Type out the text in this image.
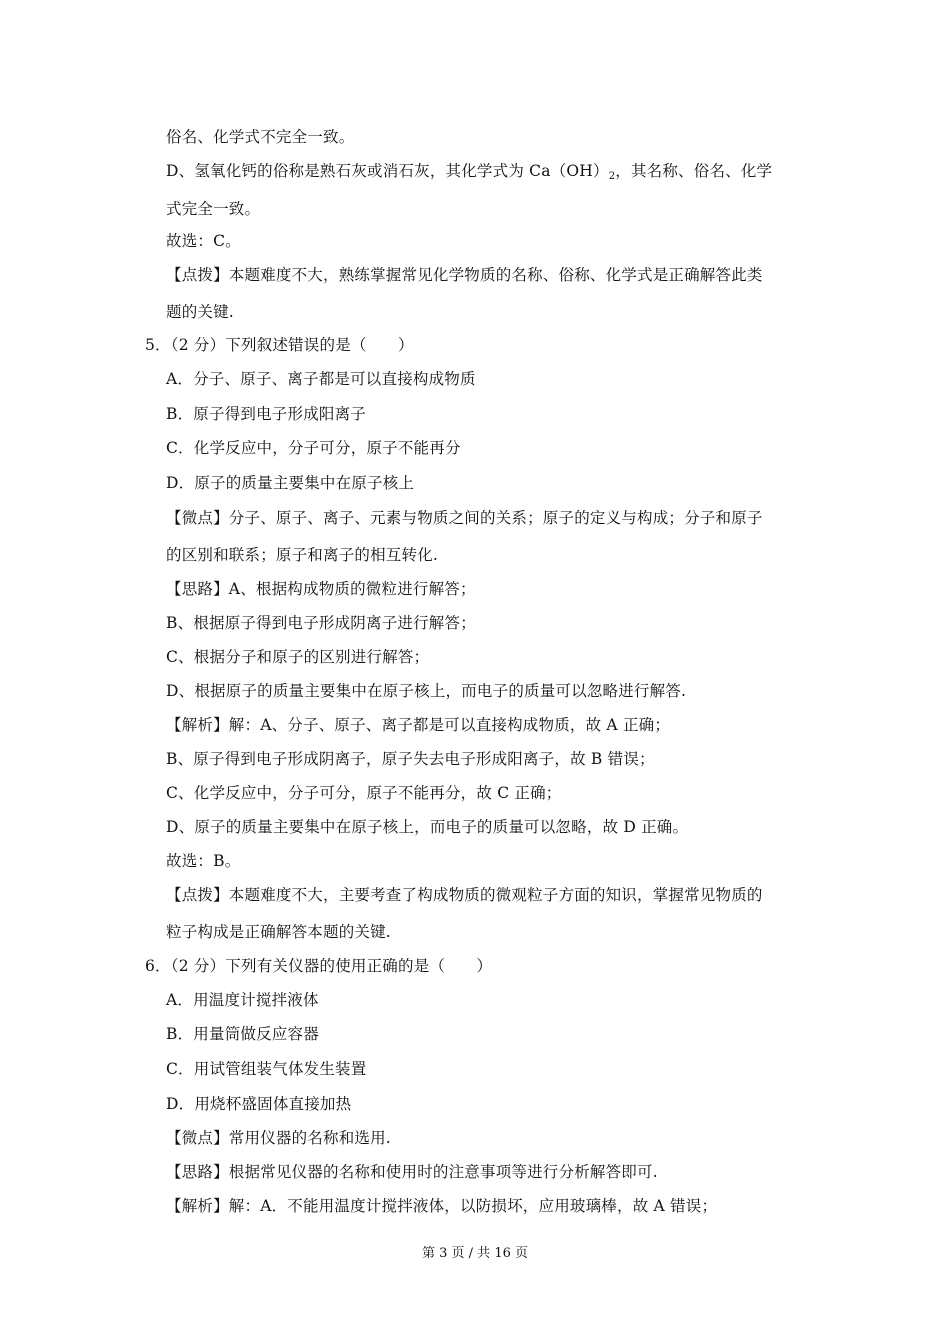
俗名、化学式不完全一致。
D、氢氧化钙的俗称是熟石灰或消石灰，其化学式为 $Ca(OH)_2$，其名称、俗名、化学
式完全一致。
故选：C。
【点拨】本题难度不大，熟练掌握常见化学物质的名称、俗称、化学式是正确解答此类
题的关键.
5．（2 分）下列叙述错误的是（　　）
A．分子、原子、离子都是可以直接构成物质
B．原子得到电子形成阳离子
C．化学反应中，分子可分，原子不能再分
D．原子的质量主要集中在原子核上
【微点】分子、原子、离子、元素与物质之间的关系；原子的定义与构成；分子和原子
的区别和联系；原子和离子的相互转化.
【思路】A、根据构成物质的微粒进行解答；
B、根据原子得到电子形成阴离子进行解答；
C、根据分子和原子的区别进行解答；
D、根据原子的质量主要集中在原子核上，而电子的质量可以忽略进行解答.
【解析】解：A、分子、原子、离子都是可以直接构成物质，故 A 正确；
B、原子得到电子形成阴离子，原子失去电子形成阳离子，故 B 错误；
C、化学反应中，分子可分，原子不能再分，故 C 正确；
D、原子的质量主要集中在原子核上，而电子的质量可以忽略，故 D 正确。
故选：B。
【点拨】本题难度不大，主要考查了构成物质的微观粒子方面的知识，掌握常见物质的
粒子构成是正确解答本题的关键.
6．（2 分）下列有关仪器的使用正确的是（　　）
A．用温度计搅拌液体
B．用量筒做反应容器
C．用试管组装气体发生装置
D．用烧杯盛固体直接加热
【微点】常用仪器的名称和选用.
【思路】根据常见仪器的名称和使用时的注意事项等进行分析解答即可.
【解析】解：A．不能用温度计搅拌液体，以防损坏，应用玻璃棒，故 A 错误；
第 3 页 / 共 16 页
